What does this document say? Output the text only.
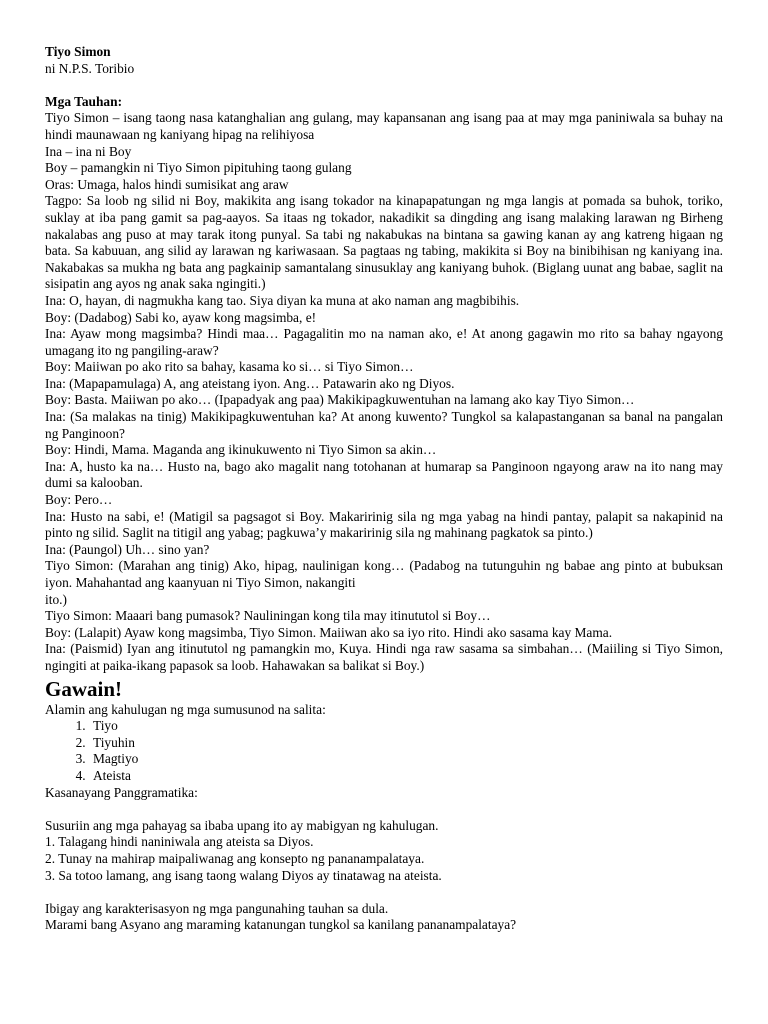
Tiyo Simon
ni N.P.S. Toribio
Mga Tauhan:
Tiyo Simon – isang taong nasa katanghalian ang gulang, may kapansanan ang isang paa at may mga paniniwala sa buhay na hindi maunawaan ng kaniyang hipag na relihiyosa
Ina – ina ni Boy
Boy – pamangkin ni Tiyo Simon pipituhing taong gulang
Oras: Umaga, halos hindi sumisikat ang araw
Tagpo: Sa loob ng silid ni Boy, makikita ang isang tokador na kinapapatungan ng mga langis at pomada sa buhok, toriko, suklay at iba pang gamit sa pag-aayos. Sa itaas ng tokador, nakadikit sa dingding ang isang malaking larawan ng Birheng nakalabas ang puso at may tarak itong punyal. Sa tabi ng nakabukas na bintana sa gawing kanan ay ang katreng higaan ng bata. Sa kabuuan, ang silid ay larawan ng kariwasaan. Sa pagtaas ng tabing, makikita si Boy na binibihisan ng kaniyang ina. Nakabakas sa mukha ng bata ang pagkainip samantalang sinusuklay ang kaniyang buhok. (Biglang uunat ang babae, saglit na sisipatin ang ayos ng anak saka ngingiti.)
Ina: O, hayan, di nagmukha kang tao. Siya diyan ka muna at ako naman ang magbibihis.
Boy: (Dadabog) Sabi ko, ayaw kong magsimba, e!
Ina: Ayaw mong magsimba? Hindi maa… Pagagalitin mo na naman ako, e! At anong gagawin mo rito sa bahay ngayong umagang ito ng pangiling-araw?
Boy: Maiiwan po ako rito sa bahay, kasama ko si… si Tiyo Simon…
Ina: (Mapapamulaga) A, ang ateistang iyon. Ang… Patawarin ako ng Diyos.
Boy: Basta. Maiiwan po ako… (Ipapadyak ang paa) Makikipagkuwentuhan na lamang ako kay Tiyo Simon…
Ina: (Sa malakas na tinig) Makikipagkuwentuhan ka? At anong kuwento? Tungkol sa kalapastanganan sa banal na pangalan ng Panginoon?
Boy: Hindi, Mama. Maganda ang ikinukuwento ni Tiyo Simon sa akin…
Ina: A, husto ka na… Husto na, bago ako magalit nang totohanan at humarap sa Panginoon ngayong araw na ito nang may dumi sa kalooban.
Boy: Pero…
Ina: Husto na sabi, e! (Matigil sa pagsagot si Boy. Makaririnig sila ng mga yabag na hindi pantay, palapit sa nakapinid na pinto ng silid. Saglit na titigil ang yabag; pagkuwa’y makaririnig sila ng mahinang pagkatok sa pinto.)
Ina: (Paungol) Uh… sino yan?
Tiyo Simon: (Marahan ang tinig) Ako, hipag, naulinigan kong… (Padabog na tutunguhin ng babae ang pinto at bubuksan iyon. Mahahantad ang kaanyuan ni Tiyo Simon, nakangiti
ito.)
Tiyo Simon: Maaari bang pumasok? Nauliningan kong tila may itinututol si Boy…
Boy: (Lalapit) Ayaw kong magsimba, Tiyo Simon. Maiiwan ako sa iyo rito. Hindi ako sasama kay Mama.
Ina: (Paismid) Iyan ang itinututol ng pamangkin mo, Kuya. Hindi nga raw sasama sa simbahan… (Maiiling si Tiyo Simon, ngingiti at paika-ikang papasok sa loob. Hahawakan sa balikat si Boy.)
Gawain!
Alamin ang kahulugan ng mga sumusunod na salita:
1. Tiyo
2. Tiyuhin
3. Magtiyo
4. Ateista
Kasanayang Panggramatika:
Susuriin ang mga pahayag sa ibaba upang ito ay mabigyan ng kahulugan.
1. Talagang hindi naniniwala ang ateista sa Diyos.
2. Tunay na mahirap maipaliwanag ang konsepto ng pananampalataya.
3. Sa totoo lamang, ang isang taong walang Diyos ay tinatawag na ateista.
Ibigay ang karakterisasyon ng mga pangunahing tauhan sa dula.
Marami bang Asyano ang maraming katanungan tungkol sa kanilang pananampalataya?
